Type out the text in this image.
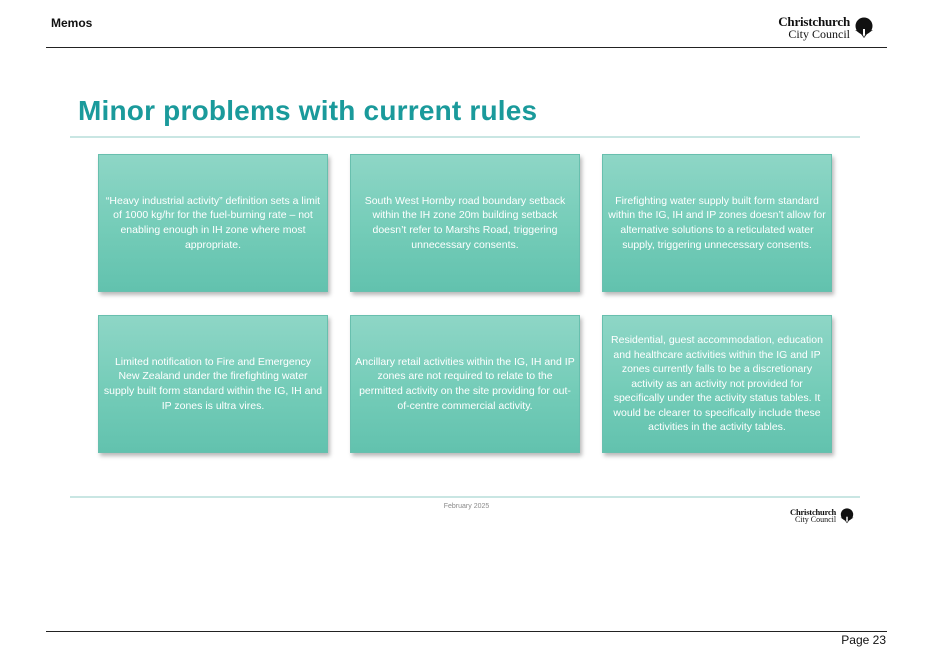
Memos	Christchurch
City Council
Minor problems with current rules
“Heavy industrial activity” definition sets a limit of 1000 kg/hr for the fuel-burning rate – not enabling enough in IH zone where most appropriate.
South West Hornby road boundary setback within the IH zone 20m building setback doesn’t refer to Marshs Road, triggering unnecessary consents.
Firefighting water supply built form standard within the IG, IH and IP zones doesn’t allow for alternative solutions to a reticulated water supply, triggering unnecessary consents.
Limited notification to Fire and Emergency New Zealand under the firefighting water supply built form standard within the IG, IH and IP zones is ultra vires.
Ancillary retail activities within the IG, IH and IP zones are not required to relate to the permitted activity on the site providing for out-of-centre commercial activity.
Residential, guest accommodation, education and healthcare activities within the IG and IP zones currently falls to be a discretionary activity as an activity not provided for specifically under the activity status tables. It would be clearer to specifically include these activities in the activity tables.
February 2025
Christchurch
City Council
Page 23
